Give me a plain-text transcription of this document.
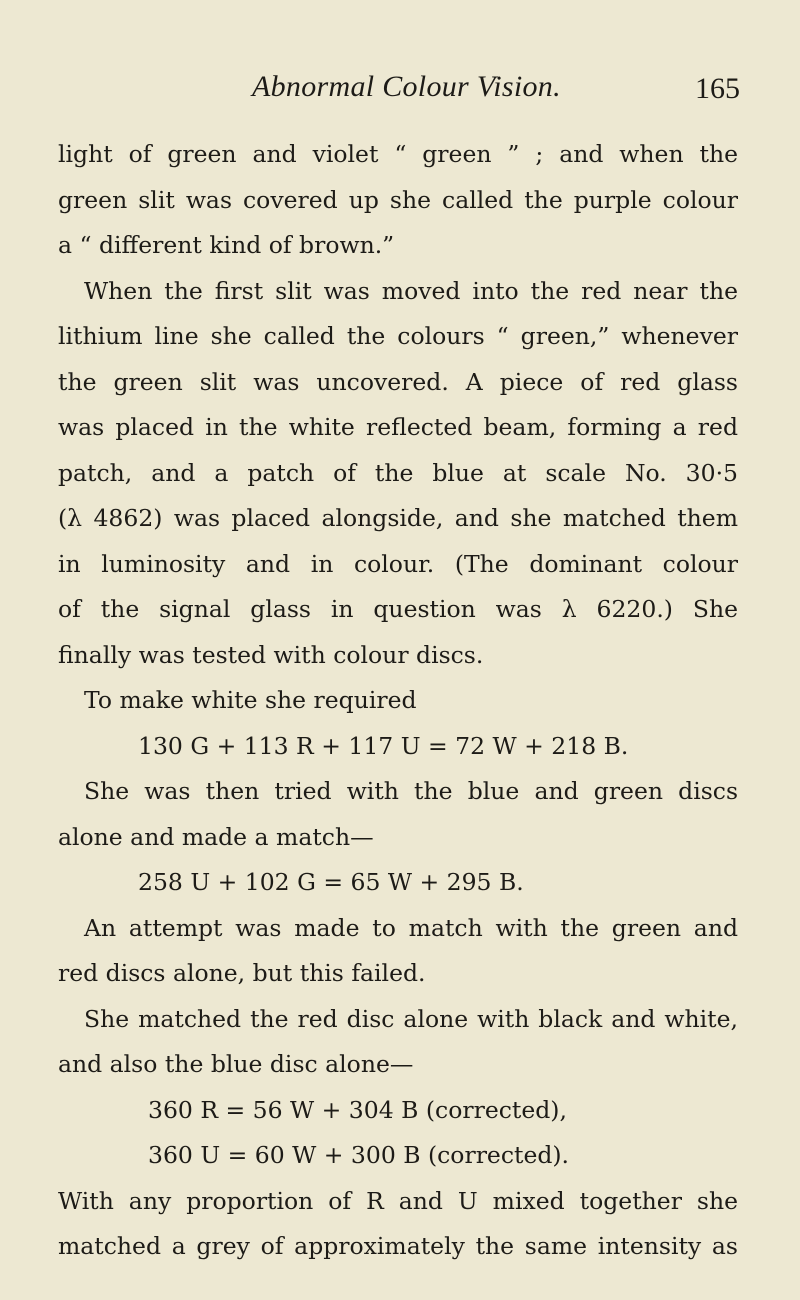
Abnormal Colour Vision.	165
light of green and violet “ green ” ; and when the
green slit was covered up she called the purple colour
a “ different kind of brown.”
When the first slit was moved into the red near the
lithium line she called the colours “ green,” whenever
the green slit was uncovered. A piece of red glass
was placed in the white reflected beam, forming a red
patch, and a patch of the blue at scale No. 30·5
(λ 4862) was placed alongside, and she matched them
in luminosity and in colour. (The dominant colour
of the signal glass in question was λ 6220.) She
finally was tested with colour discs.
To make white she required
130 G + 113 R + 117 U = 72 W + 218 B.
She was then tried with the blue and green discs
alone and made a match—
258 U + 102 G = 65 W + 295 B.
An attempt was made to match with the green and
red discs alone, but this failed.
She matched the red disc alone with black and white,
and also the blue disc alone—
360 R = 56 W + 304 B (corrected),
360 U = 60 W + 300 B (corrected).
With any proportion of R and U mixed together she
matched a grey of approximately the same intensity as
